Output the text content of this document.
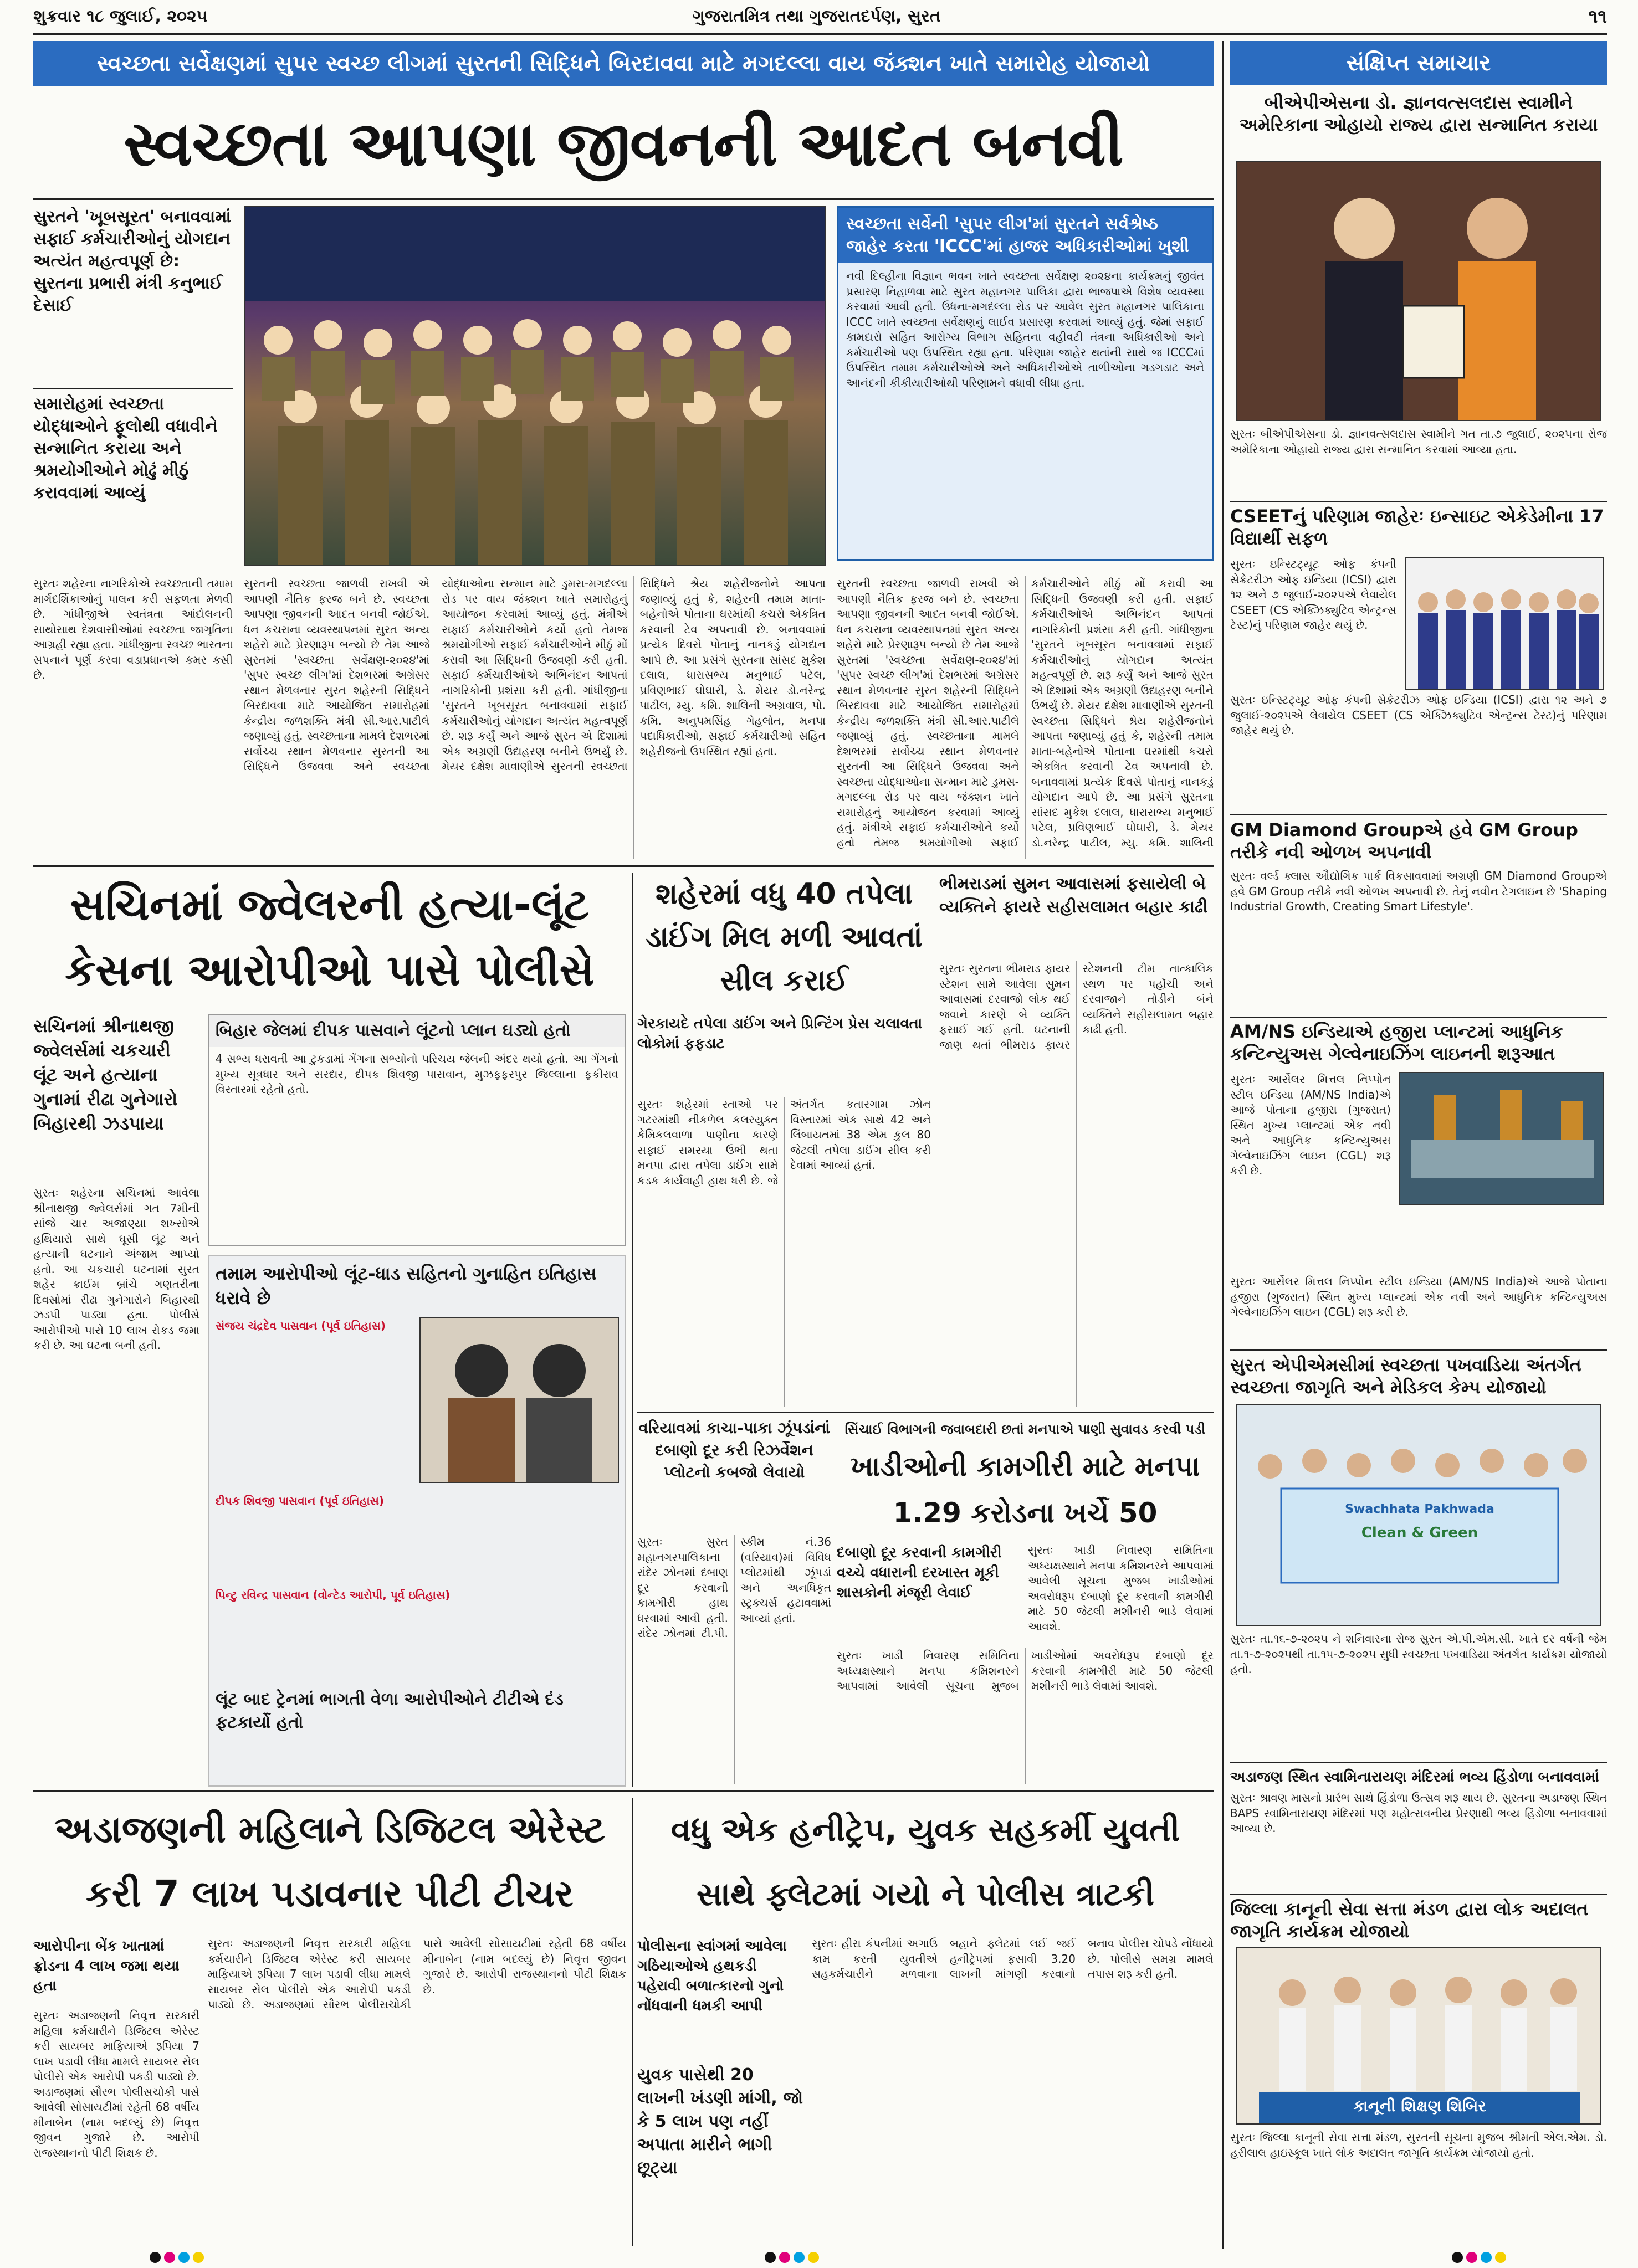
શુક્રવાર ૧૮ જુલાઈ, ૨૦૨૫	ગુજરાતમિત્ર તથા ગુજરાતદર્પણ, સુરત	૧૧
સ્વચ્છતા સર્વેક્ષણમાં સુપર સ્વચ્છ લીગમાં સુરતની સિદ્ધિને બિરદાવવા માટે મગદલ્લા વાય જંક્શન ખાતે સમારોહ યોજાયો
સ્વચ્છતા આપણા જીવનની આદત બનવી
સુરતને 'ખૂબસૂરત' બનાવવામાં સફાઈ કર્મચારીઓનું યોગદાન અત્યંત મહત્વપૂર્ણ છે: સુરતના પ્રભારી મંત્રી કનુભાઈ દેસાઈ
સમારોહમાં સ્વચ્છતા યોદ્ધાઓને ફૂલોથી વધાવીને સન્માનિત કરાયા અને શ્રમયોગીઓને મોઢું મીઠું કરાવવામાં આવ્યું
સુરતઃ શહેરના નાગરિકોએ સ્વચ્છતાની તમામ માર્ગદર્શિકાઓનું પાલન કરી સફળતા મેળવી છે. ગાંધીજીએ સ્વતંત્રતા આંદોલનની સાથોસાથ દેશવાસીઓમાં સ્વચ્છતા જાગૃતિના આગ્રહી રહ્યા હતા. ગાંધીજીના સ્વચ્છ ભારતના સપનાને પૂર્ણ કરવા વડાપ્રધાનએ કમર કસી છે.
સુરતની સ્વચ્છતા જાળવી રાખવી એ આપણી નૈતિક ફરજ બને છે. સ્વચ્છતા આપણા જીવનની આદત બનવી જોઈએ. ધન કચરાના વ્યવસ્થાપનમાં સુરત અન્ય શહેરો માટે પ્રેરણારૂપ બન્યો છે તેમ આજે સુરતમાં 'સ્વચ્છતા સર્વેક્ષણ-૨૦૨૪'માં 'સુપર સ્વચ્છ લીગ'માં દેશભરમાં અગ્રેસર સ્થાન મેળવનાર સુરત શહેરની સિદ્ધિને બિરદાવવા માટે આયોજિત સમારોહમાં કેન્દ્રીય જળશક્તિ મંત્રી સી.આર.પાટીલે જણાવ્યું હતું. સ્વચ્છતાના મામલે દેશભરમાં સર્વોચ્ચ સ્થાન મેળવનાર સુરતની આ સિદ્ધિને ઉજવવા અને સ્વચ્છતા યોદ્ધાઓના સન્માન માટે ડુમસ-મગદલ્લા રોડ પર વાય જંક્શન ખાતે સમારોહનું આયોજન કરવામાં આવ્યું હતું. મંત્રીએ સફાઈ કર્મચારીઓને કર્યો હતો તેમજ શ્રમયોગીઓ સફાઈ કર્મચારીઓને મીઠું મોં કરાવી આ સિદ્ધિની ઉજવણી કરી હતી. સફાઈ કર્મચારીઓએ અભિનંદન આપતાં નાગરિકોની પ્રશંસા કરી હતી. ગાંધીજીના 'સુરતને ખૂબસૂરત બનાવવામાં સફાઈ કર્મચારીઓનું યોગદાન અત્યંત મહત્વપૂર્ણ છે. શરૂ કર્યું અને આજે સુરત એ દિશામાં એક અગ્રણી ઉદાહરણ બનીને ઉભર્યું છે. મેયર દક્ષેશ માવાણીએ સુરતની સ્વચ્છતા સિદ્ધિને શ્રેય શહેરીજનોને આપતા જણાવ્યું હતું કે, શહેરની તમામ માતા-બહેનોએ પોતાના ઘરમાંથી કચરો એકત્રિત કરવાની ટેવ અપનાવી છે. બનાવવામાં પ્રત્યેક દિવસે પોતાનું નાનકડું યોગદાન આપે છે. આ પ્રસંગે સુરતના સાંસદ મુકેશ દલાલ, ધારાસભ્ય મનુભાઈ પટેલ, પ્રવિણભાઈ ઘોઘારી, ડે. મેયર ડો.નરેન્દ્ર પાટીલ, મ્યુ. કમિ. શાલિની અગ્રવાલ, પો. કમિ. અનુપમસિંહ ગેહલોત, મનપા પદાધિકારીઓ, સફાઈ કર્મચારીઓ સહિત શહેરીજનો ઉપસ્થિત રહ્યાં હતા.
સ્વચ્છતા સર્વેની 'સુપર લીગ'માં સુરતને સર્વશ્રેષ્ઠ જાહેર કરતા 'ICCC'માં હાજર અધિકારીઓમાં ખુશી
નવી દિલ્હીના વિજ્ઞાન ભવન ખાતે સ્વચ્છતા સર્વેક્ષણ ૨૦૨૪ના કાર્યક્રમનું જીવંત પ્રસારણ નિહાળવા માટે સુરત મહાનગર પાલિકા દ્વારા ભાજપાએ વિશેષ વ્યવસ્થા કરવામાં આવી હતી. ઉધના-મગદલ્લા રોડ પર આવેલ સુરત મહાનગર પાલિકાના ICCC ખાતે સ્વચ્છતા સર્વેક્ષણનું લાઈવ પ્રસારણ કરવામાં આવ્યું હતું. જેમાં સફાઈ કામદારો સહિત આરોગ્ય વિભાગ સહિતના વહીવટી તંત્રના અધિકારીઓ અને કર્મચારીઓ પણ ઉપસ્થિત રહ્યા હતા. પરિણામ જાહેર થતાંની સાથે જ ICCCમાં ઉપસ્થિત તમામ કર્મચારીઓએ અને અધિકારીઓએ તાળીઓના ગડગડાટ અને આનંદની કીકીયારીઓથી પરિણામને વધાવી લીધા હતા.
સુરતની સ્વચ્છતા જાળવી રાખવી એ આપણી નૈતિક ફરજ બને છે. સ્વચ્છતા આપણા જીવનની આદત બનવી જોઈએ. ધન કચરાના વ્યવસ્થાપનમાં સુરત અન્ય શહેરો માટે પ્રેરણારૂપ બન્યો છે તેમ આજે સુરતમાં 'સ્વચ્છતા સર્વેક્ષણ-૨૦૨૪'માં 'સુપર સ્વચ્છ લીગ'માં દેશભરમાં અગ્રેસર સ્થાન મેળવનાર સુરત શહેરની સિદ્ધિને બિરદાવવા માટે આયોજિત સમારોહમાં કેન્દ્રીય જળશક્તિ મંત્રી સી.આર.પાટીલે જણાવ્યું હતું. સ્વચ્છતાના મામલે દેશભરમાં સર્વોચ્ચ સ્થાન મેળવનાર સુરતની આ સિદ્ધિને ઉજવવા અને સ્વચ્છતા યોદ્ધાઓના સન્માન માટે ડુમસ-મગદલ્લા રોડ પર વાય જંક્શન ખાતે સમારોહનું આયોજન કરવામાં આવ્યું હતું. મંત્રીએ સફાઈ કર્મચારીઓને કર્યો હતો તેમજ શ્રમયોગીઓ સફાઈ કર્મચારીઓને મીઠું મોં કરાવી આ સિદ્ધિની ઉજવણી કરી હતી. સફાઈ કર્મચારીઓએ અભિનંદન આપતાં નાગરિકોની પ્રશંસા કરી હતી. ગાંધીજીના 'સુરતને ખૂબસૂરત બનાવવામાં સફાઈ કર્મચારીઓનું યોગદાન અત્યંત મહત્વપૂર્ણ છે. શરૂ કર્યું અને આજે સુરત એ દિશામાં એક અગ્રણી ઉદાહરણ બનીને ઉભર્યું છે. મેયર દક્ષેશ માવાણીએ સુરતની સ્વચ્છતા સિદ્ધિને શ્રેય શહેરીજનોને આપતા જણાવ્યું હતું કે, શહેરની તમામ માતા-બહેનોએ પોતાના ઘરમાંથી કચરો એકત્રિત કરવાની ટેવ અપનાવી છે. બનાવવામાં પ્રત્યેક દિવસે પોતાનું નાનકડું યોગદાન આપે છે. આ પ્રસંગે સુરતના સાંસદ મુકેશ દલાલ, ધારાસભ્ય મનુભાઈ પટેલ, પ્રવિણભાઈ ઘોઘારી, ડે. મેયર ડો.નરેન્દ્ર પાટીલ, મ્યુ. કમિ. શાલિની
સચિનમાં જ્વેલરની હત્યા-લૂંટ કેસના આરોપીઓ પાસે પોલીસે
સચિનમાં શ્રીનાથજી જ્વેલર્સમાં ચકચારી લૂંટ અને હત્યાના ગુનામાં રીઢા ગુનેગારો બિહારથી ઝડપાયા
સુરતઃ શહેરના સચિનમાં આવેલા શ્રીનાથજી જ્વેલર્સમાં ગત 7મીની સાંજે ચાર અજાણ્યા શખ્સોએ હથિયારો સાથે ઘૂસી લૂંટ અને હત્યાની ઘટનાને અંજામ આપ્યો હતો. આ ચકચારી ઘટનામાં સુરત શહેર ક્રાઈમ બ્રાંચે ગણતરીના દિવસોમાં રીઢા ગુનેગારોને બિહારથી ઝડપી પાડ્યા હતા. પોલીસે આરોપીઓ પાસે 10 લાખ રોકડ જમા કરી છે. આ ઘટના બની હતી.
બિહાર જેલમાં દીપક પાસવાને લૂંટનો પ્લાન ઘડ્યો હતો
4 સભ્ય ધરાવતી આ ટુકડામાં ગેંગના સભ્યોનો પરિચય જેલની અંદર થયો હતો. આ ગેંગનો મુખ્ય સૂત્રધાર અને સરદાર, દીપક શિવજી પાસવાન, મુઝફ્ફરપુર જિલ્લાના ફકીરાવ વિસ્તારમાં રહેતો હતો.
તમામ આરોપીઓ લૂંટ-ધાડ સહિતનો ગુનાહિત ઇતિહાસ ધરાવે છે
સંજય ચંદ્રદેવ પાસવાન (પૂર્વ ઇતિહાસ)
દીપક શિવજી પાસવાન (પૂર્વ ઇતિહાસ)
પિન્ટુ રવિન્દ્ર પાસવાન (વોન્ટેડ આરોપી, પૂર્વ ઇતિહાસ)
લૂંટ બાદ ટ્રેનમાં ભાગતી વેળા આરોપીઓને ટીટીએ દંડ ફટકાર્યો હતો
શહેરમાં વધુ 40 તપેલા ડાઈંગ મિલ મળી આવતાં સીલ કરાઈ
ગેરકાયદે તપેલા ડાઈંગ અને પ્રિન્ટિંગ પ્રેસ ચલાવતા લોકોમાં ફફડાટ
સુરતઃ શહેરમાં સ્તાઓ પર ગટરમાંથી નીકળેલ કલરયુક્ત કેમિકલવાળા પાણીના કારણે સફાઈ સમસ્યા ઉભી થતા મનપા દ્વારા તપેલા ડાઈંગ સામે કડક કાર્યવાહી હાથ ધરી છે. જે અંતર્ગત કતારગામ ઝોન વિસ્તારમાં એક સાથે 42 અને લિંબાયતમાં 38 એમ કુલ 80 જેટલી તપેલા ડાઈંગ સીલ કરી દેવામાં આવ્યાં હતાં.
ભીમરાડમાં સુમન આવાસમાં ફસાયેલી બે વ્યક્તિને ફાયરે સહીસલામત બહાર કાઢી
સુરતઃ સુરતના ભીમરાડ ફાયર સ્ટેશન સામે આવેલા સુમન આવાસમાં દરવાજો લોક થઈ જવાને કારણે બે વ્યક્તિ ફસાઈ ગઈ હતી. ઘટનાની જાણ થતાં ભીમરાડ ફાયર સ્ટેશનની ટીમ તાત્કાલિક સ્થળ પર પહોંચી અને દરવાજાને તોડીને બંને વ્યક્તિને સહીસલામત બહાર કાઢી હતી.
વરિયાવમાં કાચા-પાકા ઝૂંપડાંનાં દબાણો દૂર કરી રિઝર્વેશન પ્લોટનો કબજો લેવાયો
સુરતઃ સુરત મહાનગરપાલિકાના રાંદેર ઝોનમાં દબાણ દૂર કરવાની કામગીરી હાથ ધરવામાં આવી હતી. રાંદેર ઝોનમાં ટી.પી. સ્કીમ નં.36 (વરિયાવ)માં વિવિધ પ્લોટમાંથી ઝૂંપડાં અને અનધિકૃત સ્ટ્રક્ચર્સ હટાવવામાં આવ્યાં હતાં.
સિંચાઈ વિભાગની જવાબદારી છતાં મનપાએ પાણી સુવાવડ કરવી પડી
ખાડીઓની કામગીરી માટે મનપા 1.29 કરોડના ખર્ચે 50
દબાણો દૂર કરવાની કામગીરી વચ્ચે વધારાની દરખાસ્ત મૂકી શાસકોની મંજૂરી લેવાઈ
સુરતઃ ખાડી નિવારણ સમિતિના અધ્યક્ષસ્થાને મનપા કમિશનરને આપવામાં આવેલી સૂચના મુજબ ખાડીઓમાં અવરોધરૂપ દબાણો દૂર કરવાની કામગીરી માટે 50 જેટલી મશીનરી ભાડે લેવામાં આવશે.
સુરતઃ ખાડી નિવારણ સમિતિના અધ્યક્ષસ્થાને મનપા કમિશનરને આપવામાં આવેલી સૂચના મુજબ ખાડીઓમાં અવરોધરૂપ દબાણો દૂર કરવાની કામગીરી માટે 50 જેટલી મશીનરી ભાડે લેવામાં આવશે.
અડાજણની મહિલાને ડિજિટલ એરેસ્ટ કરી 7 લાખ પડાવનાર પીટી ટીચર
આરોપીના બેંક ખાતામાં ફ્રોડના 4 લાખ જમા થયા હતા
સુરતઃ અડાજણની નિવૃત્ત સરકારી મહિલા કર્મચારીને ડિજિટલ એરેસ્ટ કરી સાયબર માફિયાએ રૂપિયા 7 લાખ પડાવી લીધા મામલે સાયબર સેલ પોલીસે એક આરોપી પકડી પાડ્યો છે. અડાજણમાં સૌરભ પોલીસચોકી પાસે આવેલી સોસાયટીમાં રહેતી 68 વર્ષીય મીનાબેન (નામ બદલ્યું છે) નિવૃત્ત જીવન ગુજારે છે. આરોપી રાજસ્થાનનો પીટી શિક્ષક છે.
સુરતઃ અડાજણની નિવૃત્ત સરકારી મહિલા કર્મચારીને ડિજિટલ એરેસ્ટ કરી સાયબર માફિયાએ રૂપિયા 7 લાખ પડાવી લીધા મામલે સાયબર સેલ પોલીસે એક આરોપી પકડી પાડ્યો છે. અડાજણમાં સૌરભ પોલીસચોકી પાસે આવેલી સોસાયટીમાં રહેતી 68 વર્ષીય મીનાબેન (નામ બદલ્યું છે) નિવૃત્ત જીવન ગુજારે છે. આરોપી રાજસ્થાનનો પીટી શિક્ષક છે.
વધુ એક હનીટ્રેપ, યુવક સહકર્મી યુવતી સાથે ફ્લેટમાં ગયો ને પોલીસ ત્રાટકી
પોલીસના સ્વાંગમાં આવેલા ગઠિયાઓએ હથકડી પહેરાવી બળાત્કારનો ગુનો નોંધવાની ધમકી આપી
યુવક પાસેથી 20 લાખની ખંડણી માંગી, જો કે 5 લાખ પણ નહીં અપાતા મારીને ભાગી છૂટ્યા
સુરતઃ હીરા કંપનીમાં અગાઉ કામ કરતી યુવતીએ સહકર્મચારીને મળવાના બહાને ફ્લેટમાં લઈ જઈ હનીટ્રેપમાં ફસાવી 3.20 લાખની માંગણી કરવાનો બનાવ પોલીસ ચોપડે નોંધાયો છે. પોલીસે સમગ્ર મામલે તપાસ શરૂ કરી હતી.
સંક્ષિપ્ત સમાચાર
બીએપીએસના ડો. જ્ઞાનવત્સલદાસ સ્વામીને અમેરિકાના ઓહાયો રાજ્ય દ્વારા સન્માનિત કરાયા
સુરતઃ બીએપીએસના ડો. જ્ઞાનવત્સલદાસ સ્વામીને ગત તા.૭ જુલાઈ, ૨૦૨૫ના રોજ અમેરિકાના ઓહાયો રાજ્ય દ્વારા સન્માનિત કરવામાં આવ્યા હતા.
CSEETનું પરિણામ જાહેરઃ ઇન્સાઇટ એકેડેમીના 17 વિદ્યાર્થી સફળ
સુરતઃ ઇન્સ્ટિટ્યૂટ ઓફ કંપની સેક્રેટરીઝ ઓફ ઇન્ડિયા (ICSI) દ્વારા ૧૨ અને ૭ જુલાઈ-૨૦૨૫એ લેવાયેલ CSEET (CS એક્ઝિક્યુટિવ એન્ટ્રન્સ ટેસ્ટ)નું પરિણામ જાહેર થયું છે.
સુરતઃ ઇન્સ્ટિટ્યૂટ ઓફ કંપની સેક્રેટરીઝ ઓફ ઇન્ડિયા (ICSI) દ્વારા ૧૨ અને ૭ જુલાઈ-૨૦૨૫એ લેવાયેલ CSEET (CS એક્ઝિક્યુટિવ એન્ટ્રન્સ ટેસ્ટ)નું પરિણામ જાહેર થયું છે.
GM Diamond Groupએ હવે GM Group તરીકે નવી ઓળખ અપનાવી
સુરતઃ વર્લ્ડ ક્લાસ ઔદ્યોગિક પાર્ક વિકસાવવામાં અગ્રણી GM Diamond Groupએ હવે GM Group તરીકે નવી ઓળખ અપનાવી છે. તેનું નવીન ટેગલાઇન છે 'Shaping Industrial Growth, Creating Smart Lifestyle'.
AM/NS ઇન્ડિયાએ હજીરા પ્લાન્ટમાં આધુનિક કન્ટિન્યુઅસ ગેલ્વેનાઇઝિંગ લાઇનની શરૂઆત
સુરતઃ આર્સેલર મિત્તલ નિપ્પોન સ્ટીલ ઇન્ડિયા (AM/NS India)એ આજે પોતાના હજીરા (ગુજરાત) સ્થિત મુખ્ય પ્લાન્ટમાં એક નવી અને આધુનિક કન્ટિન્યુઅસ ગેલ્વેનાઇઝિંગ લાઇન (CGL) શરૂ કરી છે.
સુરતઃ આર્સેલર મિત્તલ નિપ્પોન સ્ટીલ ઇન્ડિયા (AM/NS India)એ આજે પોતાના હજીરા (ગુજરાત) સ્થિત મુખ્ય પ્લાન્ટમાં એક નવી અને આધુનિક કન્ટિન્યુઅસ ગેલ્વેનાઇઝિંગ લાઇન (CGL) શરૂ કરી છે.
સુરત એપીએમસીમાં સ્વચ્છતા પખવાડિયા અંતર્ગત સ્વચ્છતા જાગૃતિ અને મેડિકલ કેમ્પ યોજાયો
Swachhata Pakhwada
Clean & Green
સુરતઃ તા.૧૬-૭-૨૦૨૫ ને શનિવારના રોજ સુરત એ.પી.એમ.સી. ખાતે દર વર્ષની જેમ તા.૧-૭-૨૦૨૫થી તા.૧૫-૭-૨૦૨૫ સુધી સ્વચ્છતા પખવાડિયા અંતર્ગત કાર્યક્રમ યોજાયો હતો.
અડાજણ સ્થિત સ્વામિનારાયણ મંદિરમાં ભવ્ય હિંડોળા બનાવવામાં
સુરતઃ શ્રાવણ માસનો પ્રારંભ સાથે હિંડોળા ઉત્સવ શરૂ થાય છે. સુરતના અડાજણ સ્થિત BAPS સ્વામિનારાયણ મંદિરમાં પણ મહોત્સવનીય પ્રેરણાથી ભવ્ય હિંડોળા બનાવવામાં આવ્યા છે.
જિલ્લા કાનૂની સેવા સત્તા મંડળ દ્વારા લોક અદાલત જાગૃતિ કાર્યક્રમ યોજાયો
કાનૂની શિક્ષણ શિબિર
સુરતઃ જિલ્લા કાનૂની સેવા સત્તા મંડળ, સુરતની સૂચના મુજબ શ્રીમતી એલ.એમ. ડો. હરીલાલ હાઇસ્કૂલ ખાતે લોક અદાલત જાગૃતિ કાર્યક્રમ યોજાયો હતો.
